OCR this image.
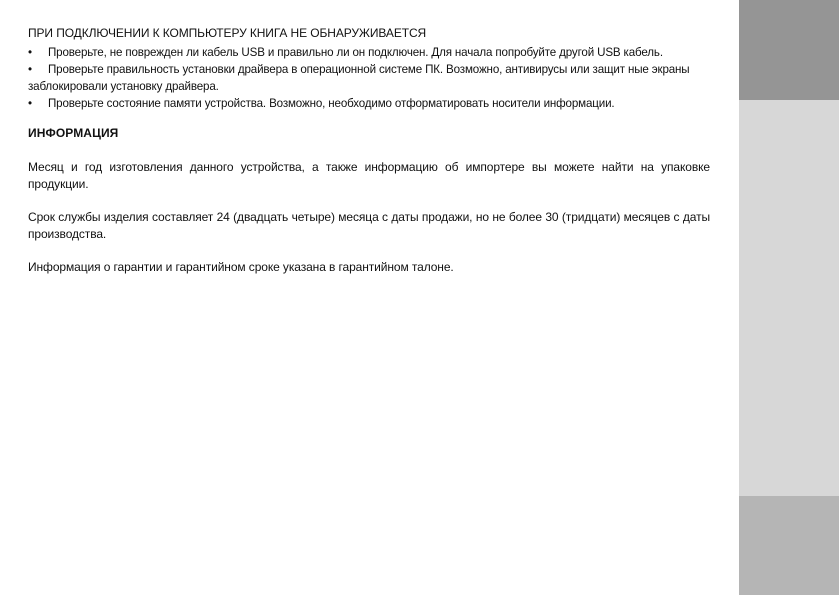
ПРИ ПОДКЛЮЧЕНИИ К КОМПЬЮТЕРУ КНИГА НЕ ОБНАРУЖИВАЕТСЯ
• Проверьте, не поврежден ли кабель USB и правильно ли он подключен. Для начала попробуйте другой USB кабель.
• Проверьте правильность установки драйвера в операционной системе ПК. Возможно, антивирусы или защит ные экраны заблокировали установку драйвера.
• Проверьте состояние памяти устройства. Возможно, необходимо отформатировать носители информации.
ИНФОРМАЦИЯ

Месяц и год изготовления данного устройства, а также информацию об импортере вы можете найти на упаковке продукции.

Срок службы изделия составляет 24 (двадцать четыре) месяца с даты продажи, но не более 30 (тридцати) месяцев с даты производства.

Информация о гарантии и гарантийном сроке указана в гарантийном талоне.
